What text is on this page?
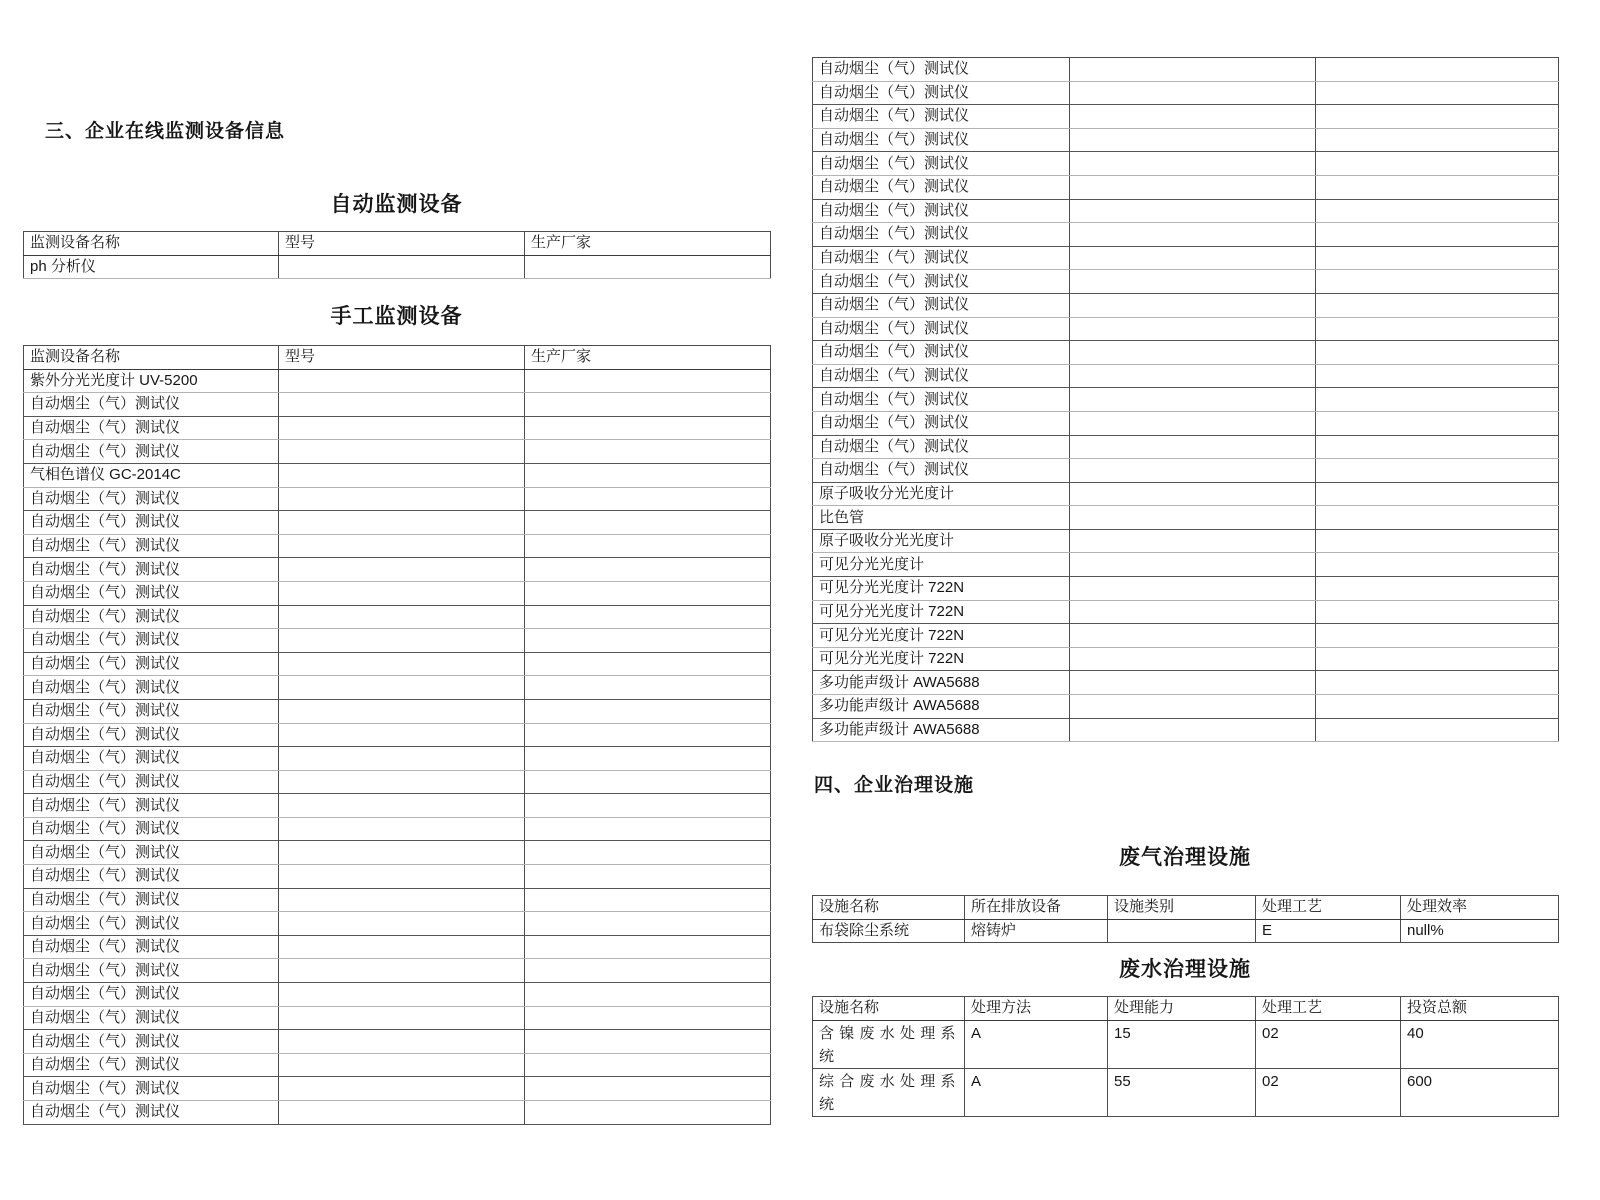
三、企业在线监测设备信息
自动监测设备
监测设备名称	型号	生产厂家
ph 分析仪		
手工监测设备
监测设备名称	型号	生产厂家
紫外分光光度计 UV-5200		
自动烟尘（气）测试仪		
自动烟尘（气）测试仪		
自动烟尘（气）测试仪		
气相色谱仪 GC-2014C		
自动烟尘（气）测试仪		
自动烟尘（气）测试仪		
自动烟尘（气）测试仪		
自动烟尘（气）测试仪		
自动烟尘（气）测试仪		
自动烟尘（气）测试仪		
自动烟尘（气）测试仪		
自动烟尘（气）测试仪		
自动烟尘（气）测试仪		
自动烟尘（气）测试仪		
自动烟尘（气）测试仪		
自动烟尘（气）测试仪		
自动烟尘（气）测试仪		
自动烟尘（气）测试仪		
自动烟尘（气）测试仪		
自动烟尘（气）测试仪		
自动烟尘（气）测试仪		
自动烟尘（气）测试仪		
自动烟尘（气）测试仪		
自动烟尘（气）测试仪		
自动烟尘（气）测试仪		
自动烟尘（气）测试仪		
自动烟尘（气）测试仪		
自动烟尘（气）测试仪		
自动烟尘（气）测试仪		
自动烟尘（气）测试仪		
自动烟尘（气）测试仪		
自动烟尘（气）测试仪		
自动烟尘（气）测试仪		
自动烟尘（气）测试仪		
自动烟尘（气）测试仪		
自动烟尘（气）测试仪		
自动烟尘（气）测试仪		
自动烟尘（气）测试仪		
自动烟尘（气）测试仪		
自动烟尘（气）测试仪		
自动烟尘（气）测试仪		
自动烟尘（气）测试仪		
自动烟尘（气）测试仪		
自动烟尘（气）测试仪		
自动烟尘（气）测试仪		
自动烟尘（气）测试仪		
自动烟尘（气）测试仪		
自动烟尘（气）测试仪		
自动烟尘（气）测试仪		
原子吸收分光光度计		
比色管		
原子吸收分光光度计		
可见分光光度计		
可见分光光度计 722N		
可见分光光度计 722N		
可见分光光度计 722N		
可见分光光度计 722N		
多功能声级计 AWA5688		
多功能声级计 AWA5688		
多功能声级计 AWA5688		
四、企业治理设施
废气治理设施
设施名称	所在排放设备	设施类别	处理工艺	处理效率
布袋除尘系统	熔铸炉		E	null%
废水治理设施
设施名称	处理方法	处理能力	处理工艺	投资总额
含镍废水处理系统	A	15	02	40
综合废水处理系统	A	55	02	600
